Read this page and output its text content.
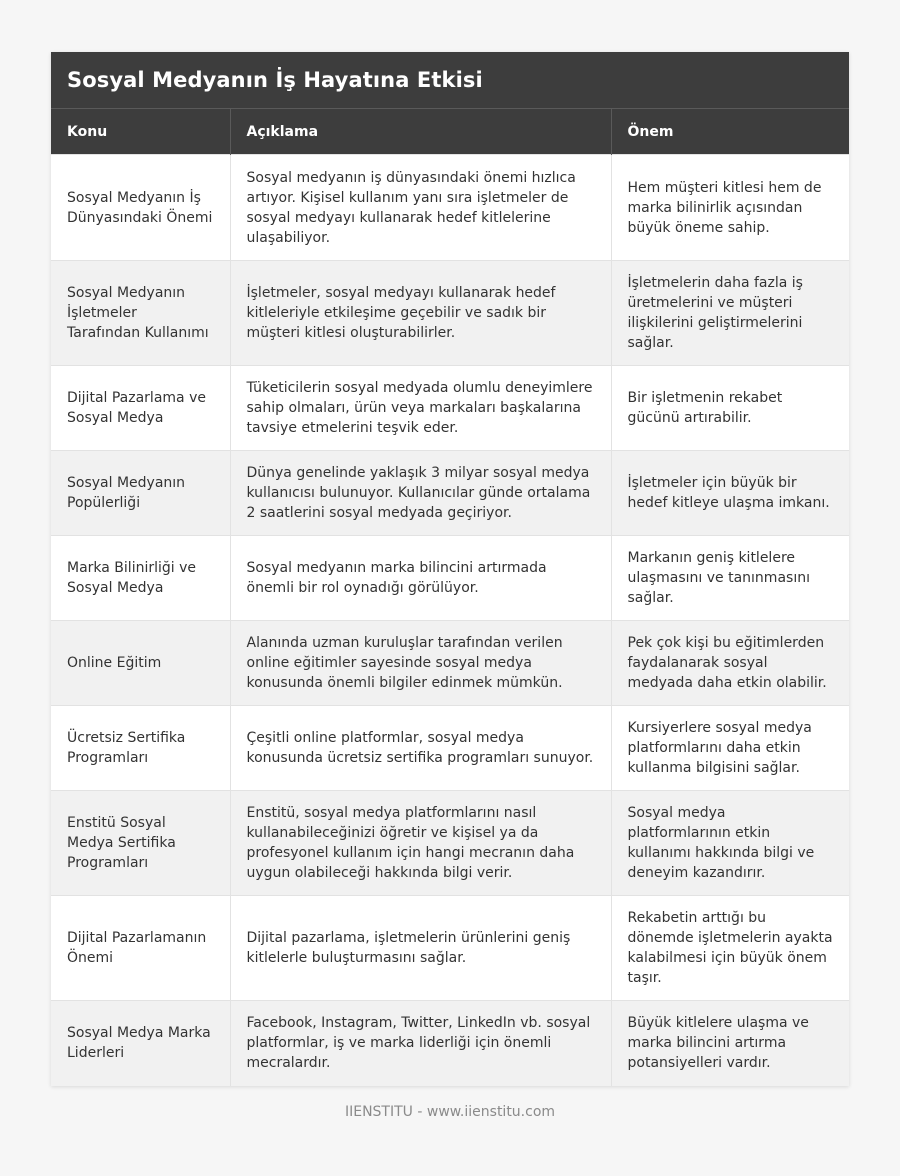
Sosyal Medyanın İş Hayatına Etkisi
Konu	Açıklama	Önem
Sosyal Medyanın İş Dünyasındaki Önemi	Sosyal medyanın iş dünyasındaki önemi hızlıca artıyor. Kişisel kullanım yanı sıra işletmeler de sosyal medyayı kullanarak hedef kitlelerine ulaşabiliyor.	Hem müşteri kitlesi hem de marka bilinirlik açısından büyük öneme sahip.
Sosyal Medyanın İşletmeler Tarafından Kullanımı	İşletmeler, sosyal medyayı kullanarak hedef kitleleriyle etkileşime geçebilir ve sadık bir müşteri kitlesi oluşturabilirler.	İşletmelerin daha fazla iş üretmelerini ve müşteri ilişkilerini geliştirmelerini sağlar.
Dijital Pazarlama ve Sosyal Medya	Tüketicilerin sosyal medyada olumlu deneyimlere sahip olmaları, ürün veya markaları başkalarına tavsiye etmelerini teşvik eder.	Bir işletmenin rekabet gücünü artırabilir.
Sosyal Medyanın Popülerliği	Dünya genelinde yaklaşık 3 milyar sosyal medya kullanıcısı bulunuyor. Kullanıcılar günde ortalama 2 saatlerini sosyal medyada geçiriyor.	İşletmeler için büyük bir hedef kitleye ulaşma imkanı.
Marka Bilinirliği ve Sosyal Medya	Sosyal medyanın marka bilincini artırmada önemli bir rol oynadığı görülüyor.	Markanın geniş kitlelere ulaşmasını ve tanınmasını sağlar.
Online Eğitim	Alanında uzman kuruluşlar tarafından verilen online eğitimler sayesinde sosyal medya konusunda önemli bilgiler edinmek mümkün.	Pek çok kişi bu eğitimlerden faydalanarak sosyal medyada daha etkin olabilir.
Ücretsiz Sertifika Programları	Çeşitli online platformlar, sosyal medya konusunda ücretsiz sertifika programları sunuyor.	Kursiyerlere sosyal medya platformlarını daha etkin kullanma bilgisini sağlar.
Enstitü Sosyal Medya Sertifika Programları	Enstitü, sosyal medya platformlarını nasıl kullanabileceğinizi öğretir ve kişisel ya da profesyonel kullanım için hangi mecranın daha uygun olabileceği hakkında bilgi verir.	Sosyal medya platformlarının etkin kullanımı hakkında bilgi ve deneyim kazandırır.
Dijital Pazarlamanın Önemi	Dijital pazarlama, işletmelerin ürünlerini geniş kitlelerle buluşturmasını sağlar.	Rekabetin arttığı bu dönemde işletmelerin ayakta kalabilmesi için büyük önem taşır.
Sosyal Medya Marka Liderleri	Facebook, Instagram, Twitter, LinkedIn vb. sosyal platformlar, iş ve marka liderliği için önemli mecralardır.	Büyük kitlelere ulaşma ve marka bilincini artırma potansiyelleri vardır.
IIENSTITU - www.iienstitu.com
